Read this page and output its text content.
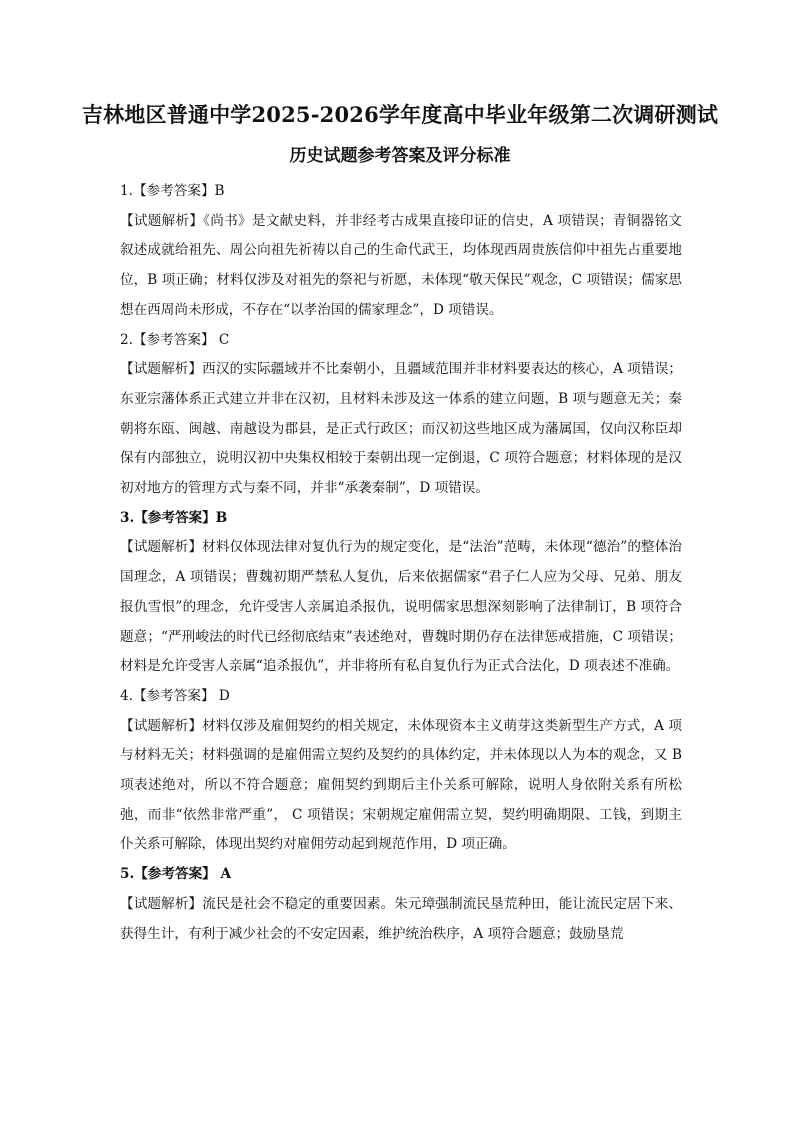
吉林地区普通中学2025-2026学年度高中毕业年级第二次调研测试
历史试题参考答案及评分标准

1.【参考答案】B

【试题解析】《尚书》是文献史料，并非经考古成果直接印证的信史，A 项错误；青铜器铭文叙述成就给祖先、周公向祖先祈祷以自己的生命代武王，均体现西周贵族信仰中祖先占重要地位，B 项正确；材料仅涉及对祖先的祭祀与祈愿，未体现“敬天保民”观念，C 项错误；儒家思想在西周尚未形成，不存在“以孝治国的儒家理念”，D 项错误。

2.【参考答案】 C

【试题解析】西汉的实际疆域并不比秦朝小，且疆域范围并非材料要表达的核心，A 项错误；东亚宗藩体系正式建立并非在汉初，且材料未涉及这一体系的建立问题，B 项与题意无关；秦朝将东瓯、闽越、南越设为郡县，是正式行政区；而汉初这些地区成为藩属国，仅向汉称臣却保有内部独立，说明汉初中央集权相较于秦朝出现一定倒退，C 项符合题意；材料体现的是汉初对地方的管理方式与秦不同，并非“承袭秦制”，D 项错误。

3.【参考答案】B

【试题解析】材料仅体现法律对复仇行为的规定变化，是“法治”范畴，未体现“德治”的整体治国理念，A 项错误；曹魏初期严禁私人复仇，后来依据儒家“君子仁人应为父母、兄弟、朋友报仇雪恨”的理念，允许受害人亲属追杀报仇，说明儒家思想深刻影响了法律制订，B 项符合题意；“严刑峻法的时代已经彻底结束”表述绝对，曹魏时期仍存在法律惩戒措施，C 项错误；材料是允许受害人亲属“追杀报仇”，并非将所有私自复仇行为正式合法化，D 项表述不准确。

4.【参考答案】 D

【试题解析】材料仅涉及雇佣契约的相关规定，未体现资本主义萌芽这类新型生产方式，A 项与材料无关；材料强调的是雇佣需立契约及契约的具体约定，并未体现以人为本的观念，又 B 项表述绝对，所以不符合题意；雇佣契约到期后主仆关系可解除，说明人身依附关系有所松弛，而非“依然非常严重”， C 项错误；宋朝规定雇佣需立契，契约明确期限、工钱，到期主仆关系可解除，体现出契约对雇佣劳动起到规范作用，D 项正确。

5.【参考答案】 A

【试题解析】流民是社会不稳定的重要因素。朱元璋强制流民垦荒种田，能让流民定居下来、获得生计，有利于减少社会的不安定因素，维护统治秩序，A 项符合题意；鼓励垦荒
